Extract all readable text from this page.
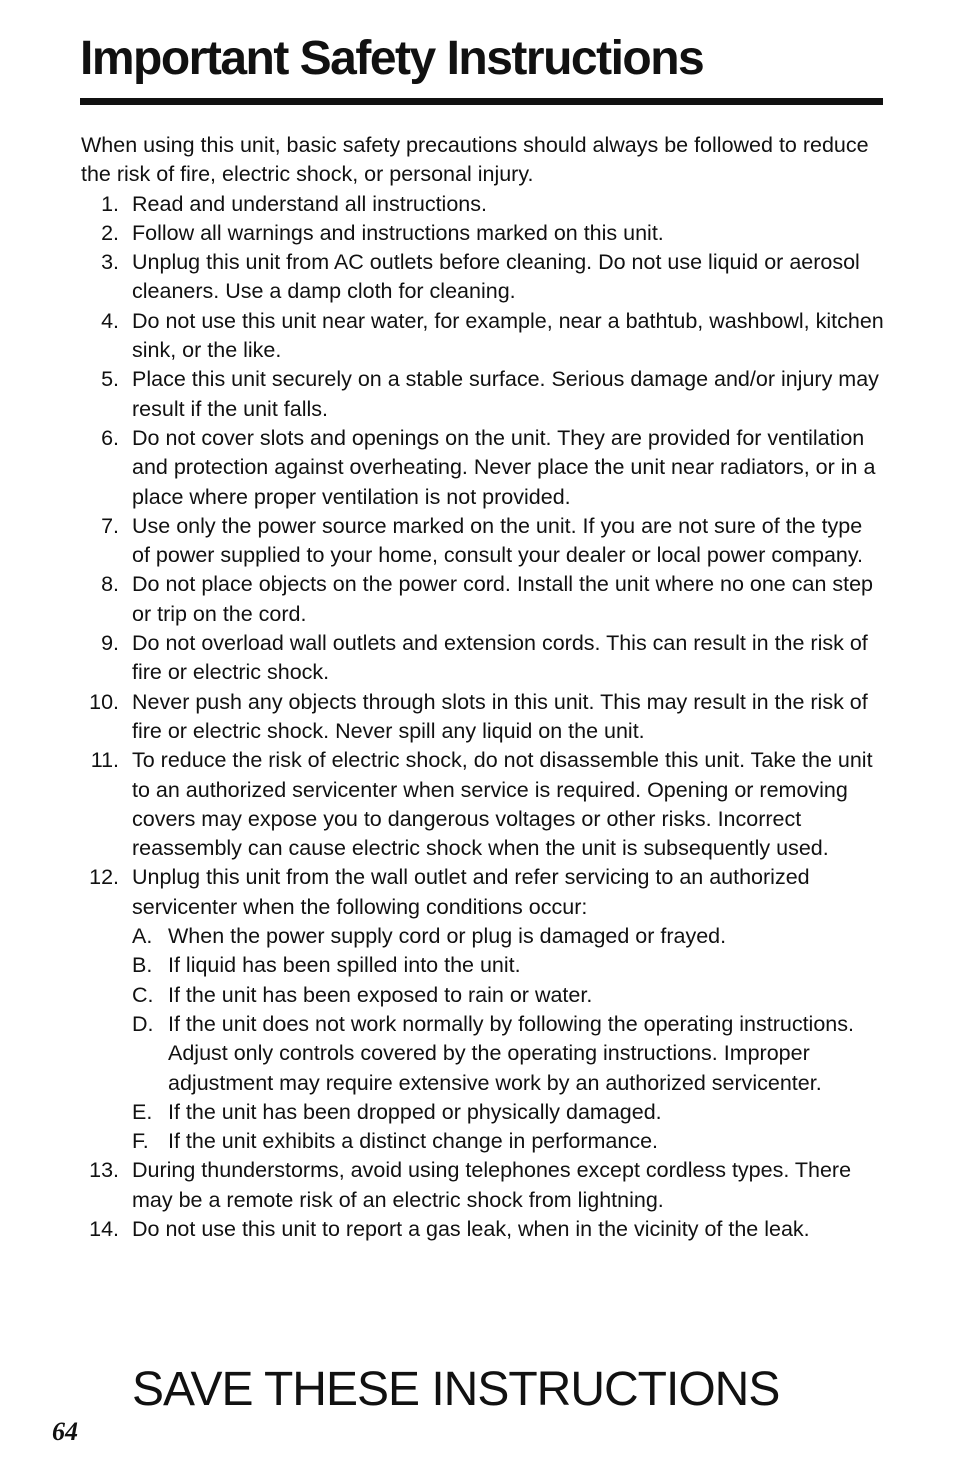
Important Safety Instructions

When using this unit, basic safety precautions should always be followed to reduce the risk of fire, electric shock, or personal injury.

1. Read and understand all instructions.
2. Follow all warnings and instructions marked on this unit.
3. Unplug this unit from AC outlets before cleaning. Do not use liquid or aerosol cleaners. Use a damp cloth for cleaning.
4. Do not use this unit near water, for example, near a bathtub, washbowl, kitchen sink, or the like.
5. Place this unit securely on a stable surface. Serious damage and/or injury may result if the unit falls.
6. Do not cover slots and openings on the unit. They are provided for ventilation and protection against overheating. Never place the unit near radiators, or in a place where proper ventilation is not provided.
7. Use only the power source marked on the unit. If you are not sure of the type of power supplied to your home, consult your dealer or local power company.
8. Do not place objects on the power cord. Install the unit where no one can step or trip on the cord.
9. Do not overload wall outlets and extension cords. This can result in the risk of fire or electric shock.
10. Never push any objects through slots in this unit. This may result in the risk of fire or electric shock. Never spill any liquid on the unit.
11. To reduce the risk of electric shock, do not disassemble this unit. Take the unit to an authorized servicenter when service is required. Opening or removing covers may expose you to dangerous voltages or other risks. Incorrect reassembly can cause electric shock when the unit is subsequently used.
12. Unplug this unit from the wall outlet and refer servicing to an authorized servicenter when the following conditions occur:
A. When the power supply cord or plug is damaged or frayed.
B. If liquid has been spilled into the unit.
C. If the unit has been exposed to rain or water.
D. If the unit does not work normally by following the operating instructions. Adjust only controls covered by the operating instructions. Improper adjustment may require extensive work by an authorized servicenter.
E. If the unit has been dropped or physically damaged.
F. If the unit exhibits a distinct change in performance.
13. During thunderstorms, avoid using telephones except cordless types. There may be a remote risk of an electric shock from lightning.
14. Do not use this unit to report a gas leak, when in the vicinity of the leak.
SAVE THESE INSTRUCTIONS
64
